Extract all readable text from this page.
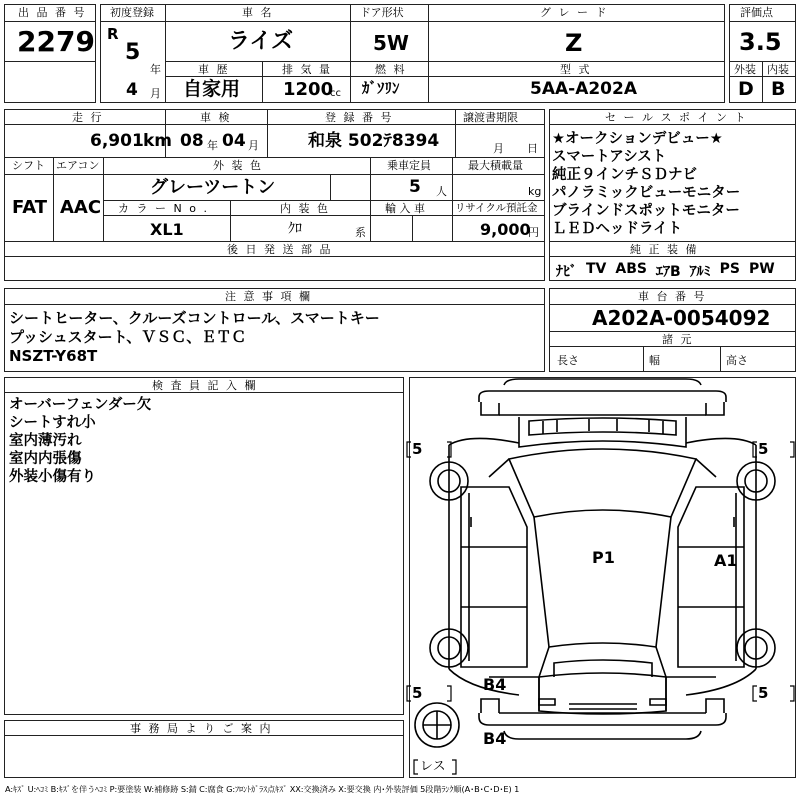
出 品 番 号
2279
初度登録
R
5
年
4 月
車 名
ライズ
ドア形状
5W
グ レ ー ド
Z
車 歴
自家用
排 気 量
1200
cc
燃 料
ｶﾞｿﾘﾝ
型 式
5AA-A202A
評価点
3.5
外装 内装
D B
走 行
6,901 km
車 検
08 年 04 月
登 録 番 号
和泉 502ﾃ8394
譲渡書期限
月 日
シフト エアコン
FAT AAC
外 装 色
グレーツートン
乗車定員
5 人
最大積載量
kg
カ ラ ー N o .
XL1
内 装 色
ｸﾛ	系
輸 入 車	リサイクル預託金
9,000
円
後 日 発 送 部 品
セ ー ル ス ポ イ ン ト
★オークションデビュー★
スマートアシスト
純正９インチＳＤナビ
パノラミックビューモニター
ブラインドスポットモニター
ＬＥＤヘッドライト
純 正 装 備
ﾅﾋﾞ TV ABS ｴｱB ｱﾙﾐ PS PW
注 意 事 項 欄
シートヒーター、クルーズコントロール、スマートキー
プッシュスタート、ＶＳＣ、ＥＴＣ
NSZT-Y68T
車 台 番 号
A202A-0054092
諸 元
長さ	幅	高さ
検 査 員 記 入 欄
オーバーフェンダー欠
シートすれ小
室内薄汚れ
室内内張傷
外装小傷有り
事 務 局 よ り ご 案 内
5	5
5	5
P1	A1
B4
B4
レス
A:ｷｽﾞ U:ﾍｺﾐ B:ｷｽﾞを伴うﾍｺﾐ P:要塗装 W:補修跡 S:錆 C:腐食 G:ﾌﾛﾝﾄｶﾞﾗｽ点ｷｽﾞ XX:交換済み X:要交換 内･外装評価 5段階ﾗﾝｸ順(A･B･C･D･E) 1
